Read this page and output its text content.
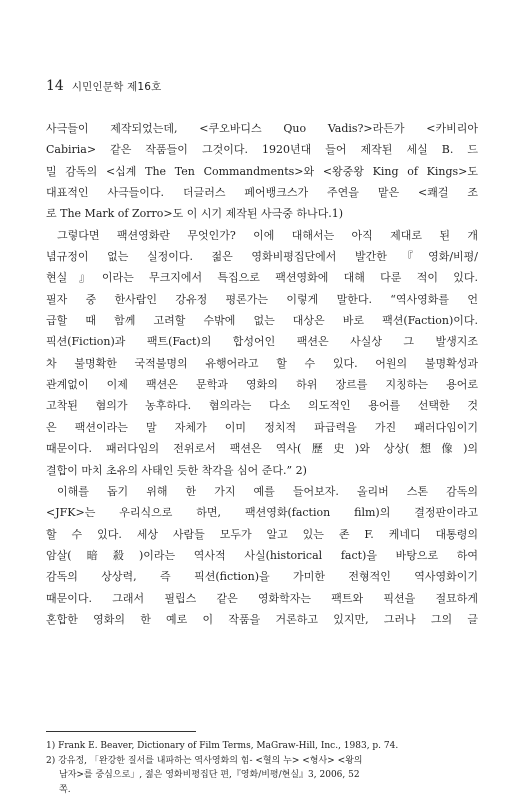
14 시민인문학 제16호
사극들이 제작되었는데, <쿠오바디스 Quo Vadis?>라든가 <카비리아
Cabiria> 같은 작품들이 그것이다. 1920년대 들어 제작된 세실 B. 드
밀 감독의 <십계 The Ten Commandments>와 <왕중왕 King of Kings>도
대표적인 사극들이다. 더글러스 페어뱅크스가 주연을 맡은 <쾌걸 조
로 The Mark of Zorro>도 이 시기 제작된 사극중 하나다.1)
그렇다면 팩션영화란 무엇인가? 이에 대해서는 아직 제대로 된 개
념규정이 없는 실정이다. 젊은 영화비평집단에서 발간한『영화/비평/
현실』이라는 무크지에서 특집으로 팩션영화에 대해 다룬 적이 있다.
필자 중 한사람인 강유정 평론가는 이렇게 말한다. “역사영화를 언
급할 때 함께 고려할 수밖에 없는 대상은 바로 팩션(Faction)이다.
픽션(Fiction)과 팩트(Fact)의 합성어인 팩션은 사실상 그 발생지조
차 불명확한 국적불명의 유행어라고 할 수 있다. 어원의 불명확성과
관계없이 이제 팩션은 문학과 영화의 하위 장르를 지칭하는 용어로
고착된 혐의가 농후하다. 혐의라는 다소 의도적인 용어를 선택한 것
은 팩션이라는 말 자체가 이미 정치적 파급력을 가진 패러다임이기
때문이다. 패러다임의 전위로서 팩션은 역사(歷史)와 상상(想像)의
결합이 마치 초유의 사태인 듯한 착각을 심어 준다.” 2)
이해를 돕기 위해 한 가지 예를 들어보자. 올리버 스톤 감독의
<JFK>는 우리식으로 하면, 팩션영화(faction film)의 결정판이라고
할 수 있다. 세상 사람들 모두가 알고 있는 존 F. 케네디 대통령의
암살(暗殺)이라는 역사적 사실(historical fact)을 바탕으로 하여
감독의 상상력, 즉 픽션(fiction)을 가미한 전형적인 역사영화이기
때문이다. 그래서 필립스 같은 영화학자는 팩트와 픽션을 절묘하게
혼합한 영화의 한 예로 이 작품을 거론하고 있지만, 그러나 그의 글
1) Frank E. Beaver, Dictionary of Film Terms, MaGraw-Hill, Inc., 1983, p. 74.
2) 강유정, 「완강한 질서를 내파하는 역사영화의 힘- <혈의 누> <형사> <왕의
남자>를 중심으로」, 젊은 영화비평집단 편,『영화/비평/현실』3, 2006, 52
쪽.
